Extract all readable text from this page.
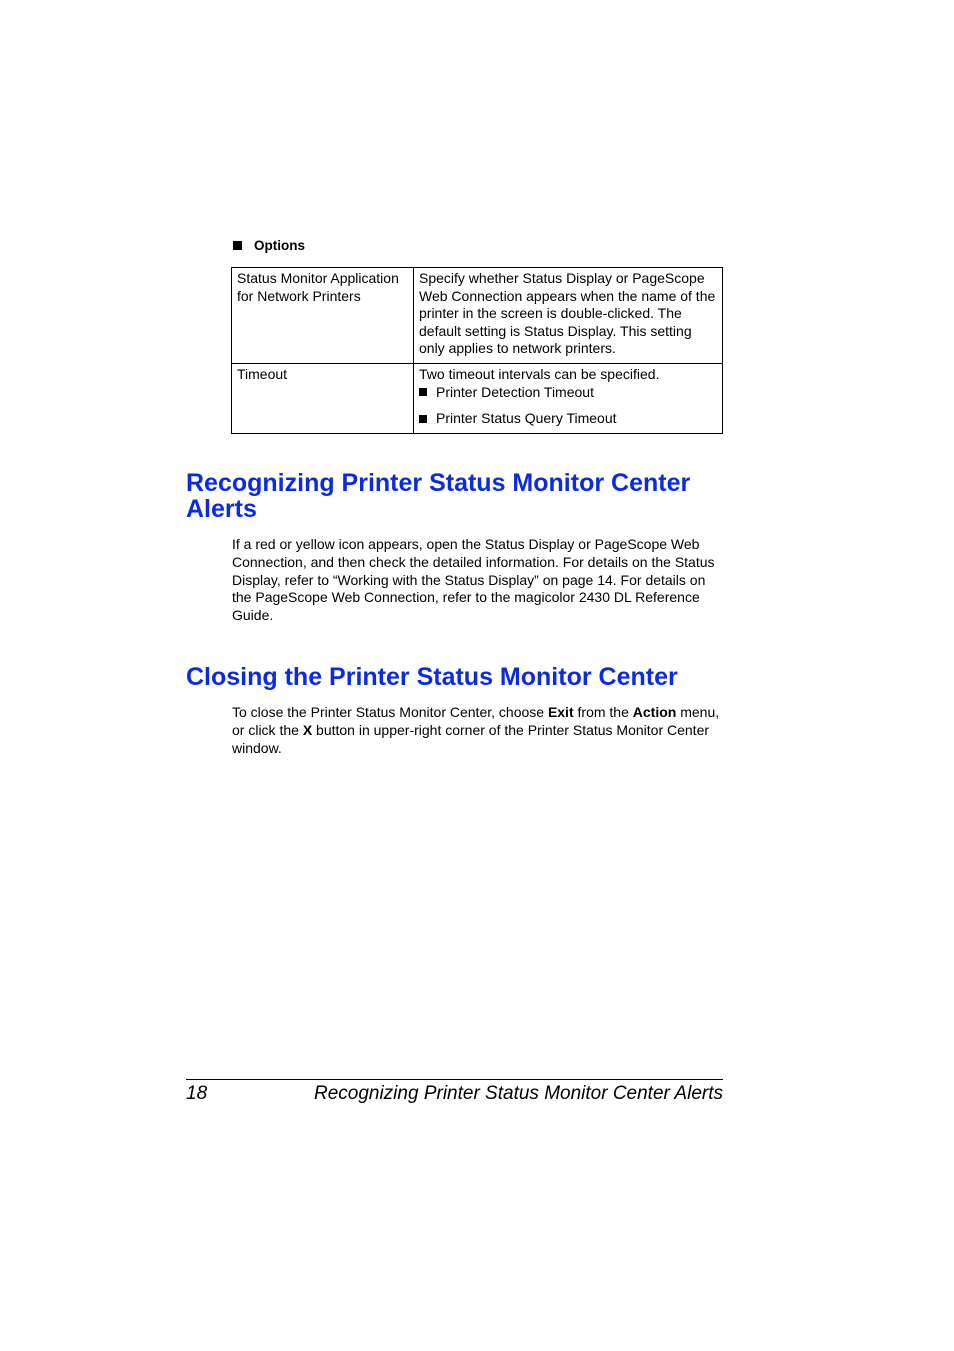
Options
Status Monitor Application for Network Printers	Specify whether Status Display or PageScope Web Connection appears when the name of the printer in the screen is double-clicked. The default setting is Status Display. This setting only applies to network printers.
Timeout	Two timeout intervals can be specified.
Printer Detection Timeout
Printer Status Query Timeout
Recognizing Printer Status Monitor Center
Alerts

If a red or yellow icon appears, open the Status Display or PageScope Web Connection, and then check the detailed information. For details on the Status Display, refer to “Working with the Status Display” on page 14. For details on the PageScope Web Connection, refer to the magicolor 2430 DL Reference Guide.

Closing the Printer Status Monitor Center

To close the Printer Status Monitor Center, choose Exit from the Action menu, or click the X button in upper-right corner of the Printer Status Monitor Center window.

18	Recognizing Printer Status Monitor Center Alerts
